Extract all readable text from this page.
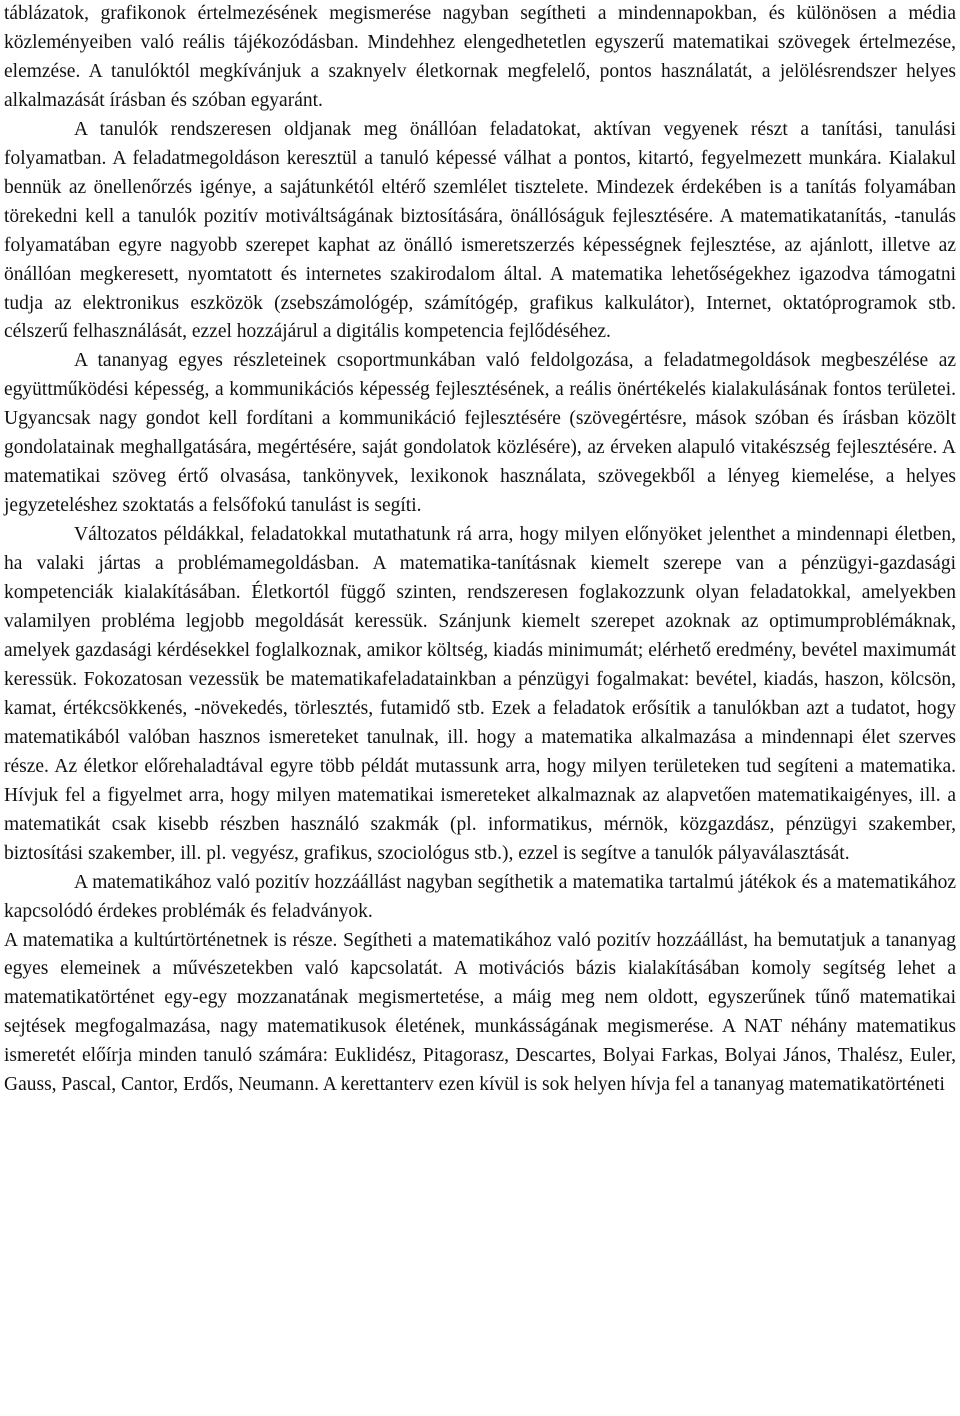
táblázatok, grafikonok értelmezésének megismerése nagyban segítheti a mindennapokban, és különösen a média közleményeiben való reális tájékozódásban. Mindehhez elengedhetetlen egyszerű matematikai szövegek értelmezése, elemzése. A tanulóktól megkívánjuk a szaknyelv életkornak megfelelő, pontos használatát, a jelölésrendszer helyes alkalmazását írásban és szóban egyaránt.

A tanulók rendszeresen oldjanak meg önállóan feladatokat, aktívan vegyenek részt a tanítási, tanulási folyamatban. A feladatmegoldáson keresztül a tanuló képessé válhat a pontos, kitartó, fegyelmezett munkára. Kialakul bennük az önellenőrzés igénye, a sajátunkétól eltérő szemlélet tisztelete. Mindezek érdekében is a tanítás folyamában törekedni kell a tanulók pozitív motiváltságának biztosítására, önállóságuk fejlesztésére. A matematikatanítás, -tanulás folyamatában egyre nagyobb szerepet kaphat az önálló ismeretszerzés képességnek fejlesztése, az ajánlott, illetve az önállóan megkeresett, nyomtatott és internetes szakirodalom által. A matematika lehetőségekhez igazodva támogatni tudja az elektronikus eszközök (zsebszámológép, számítógép, grafikus kalkulátor), Internet, oktatóprogramok stb. célszerű felhasználását, ezzel hozzájárul a digitális kompetencia fejlődéséhez.

A tananyag egyes részleteinek csoportmunkában való feldolgozása, a feladatmegoldások megbeszélése az együttműködési képesség, a kommunikációs képesség fejlesztésének, a reális önértékelés kialakulásának fontos területei. Ugyancsak nagy gondot kell fordítani a kommunikáció fejlesztésére (szövegértésre, mások szóban és írásban közölt gondolatainak meghallgatására, megértésére, saját gondolatok közlésére), az érveken alapuló vitakészség fejlesztésére. A matematikai szöveg értő olvasása, tankönyvek, lexikonok használata, szövegekből a lényeg kiemelése, a helyes jegyzeteléshez szoktatás a felsőfokú tanulást is segíti.

Változatos példákkal, feladatokkal mutathatunk rá arra, hogy milyen előnyöket jelenthet a mindennapi életben, ha valaki jártas a problémamegoldásban. A matematika-tanításnak kiemelt szerepe van a pénzügyi-gazdasági kompetenciák kialakításában. Életkortól függő szinten, rendszeresen foglakozzunk olyan feladatokkal, amelyekben valamilyen probléma legjobb megoldását keressük. Szánjunk kiemelt szerepet azoknak az optimumproblémáknak, amelyek gazdasági kérdésekkel foglalkoznak, amikor költség, kiadás minimumát; elérhető eredmény, bevétel maximumát keressük. Fokozatosan vezessük be matematikafeladatainkban a pénzügyi fogalmakat: bevétel, kiadás, haszon, kölcsön, kamat, értékcsökkenés, -növekedés, törlesztés, futamidő stb. Ezek a feladatok erősítik a tanulókban azt a tudatot, hogy matematikából valóban hasznos ismereteket tanulnak, ill. hogy a matematika alkalmazása a mindennapi élet szerves része. Az életkor előrehaladtával egyre több példát mutassunk arra, hogy milyen területeken tud segíteni a matematika. Hívjuk fel a figyelmet arra, hogy milyen matematikai ismereteket alkalmaznak az alapvetően matematikaigényes, ill. a matematikát csak kisebb részben használó szakmák (pl. informatikus, mérnök, közgazdász, pénzügyi szakember, biztosítási szakember, ill. pl. vegyész, grafikus, szociológus stb.), ezzel is segítve a tanulók pályaválasztását.

A matematikához való pozitív hozzáállást nagyban segíthetik a matematika tartalmú játékok és a matematikához kapcsolódó érdekes problémák és feladványok.

A matematika a kultúrtörténetnek is része. Segítheti a matematikához való pozitív hozzáállást, ha bemutatjuk a tananyag egyes elemeinek a művészetekben való kapcsolatát. A motivációs bázis kialakításában komoly segítség lehet a matematikatörténet egy-egy mozzanatának megismertetése, a máig meg nem oldott, egyszerűnek tűnő matematikai sejtések megfogalmazása, nagy matematikusok életének, munkásságának megismerése. A NAT néhány matematikus ismeretét előírja minden tanuló számára: Euklidész, Pitagorasz, Descartes, Bolyai Farkas, Bolyai János, Thalész, Euler, Gauss, Pascal, Cantor, Erdős, Neumann. A kerettanterv ezen kívül is sok helyen hívja fel a tananyag matematikatörténeti
